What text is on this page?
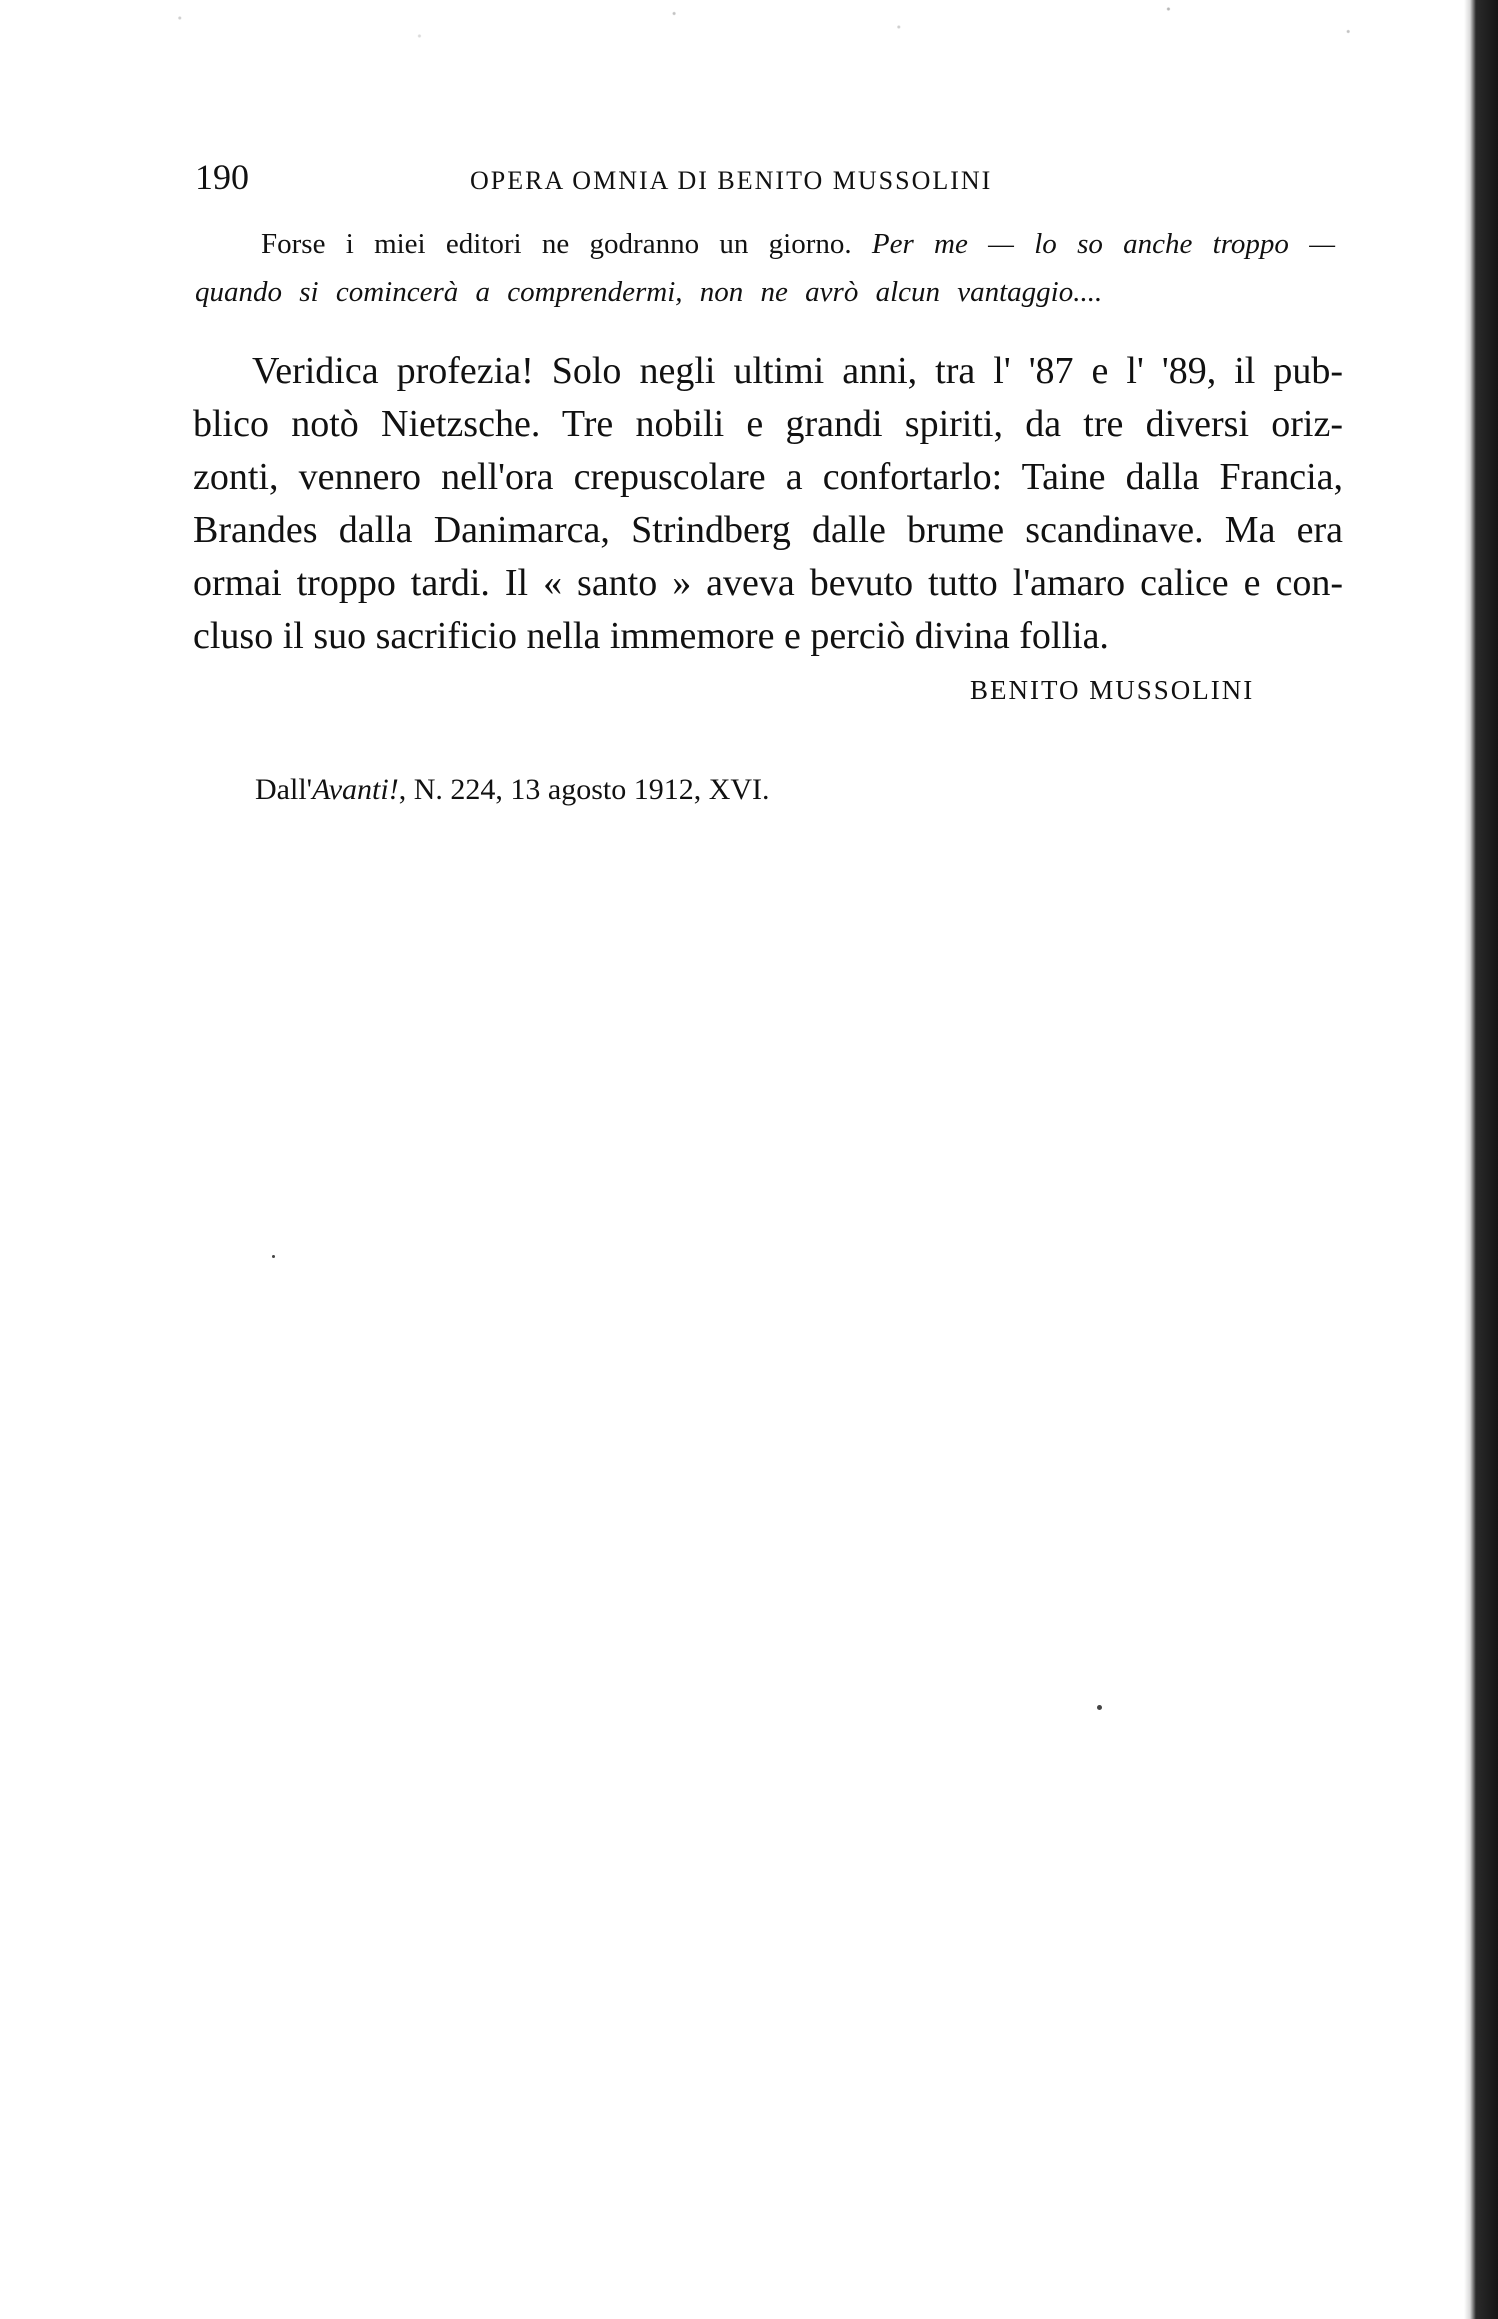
190	OPERA OMNIA DI BENITO MUSSOLINI
Forse i miei editori ne godranno un giorno. Per me — lo so anche troppo —
quando si comincerà a comprendermi, non ne avrò alcun vantaggio....
Veridica profezia! Solo negli ultimi anni, tra l' '87 e l' '89, il pub-
blico notò Nietzsche. Tre nobili e grandi spiriti, da tre diversi oriz-
zonti, vennero nell'ora crepuscolare a confortarlo: Taine dalla Francia,
Brandes dalla Danimarca, Strindberg dalle brume scandinave. Ma era
ormai troppo tardi. Il « santo » aveva bevuto tutto l'amaro calice e con-
cluso il suo sacrificio nella immemore e perciò divina follia.
BENITO MUSSOLINI
Dall'Avanti!, N. 224, 13 agosto 1912, XVI.
